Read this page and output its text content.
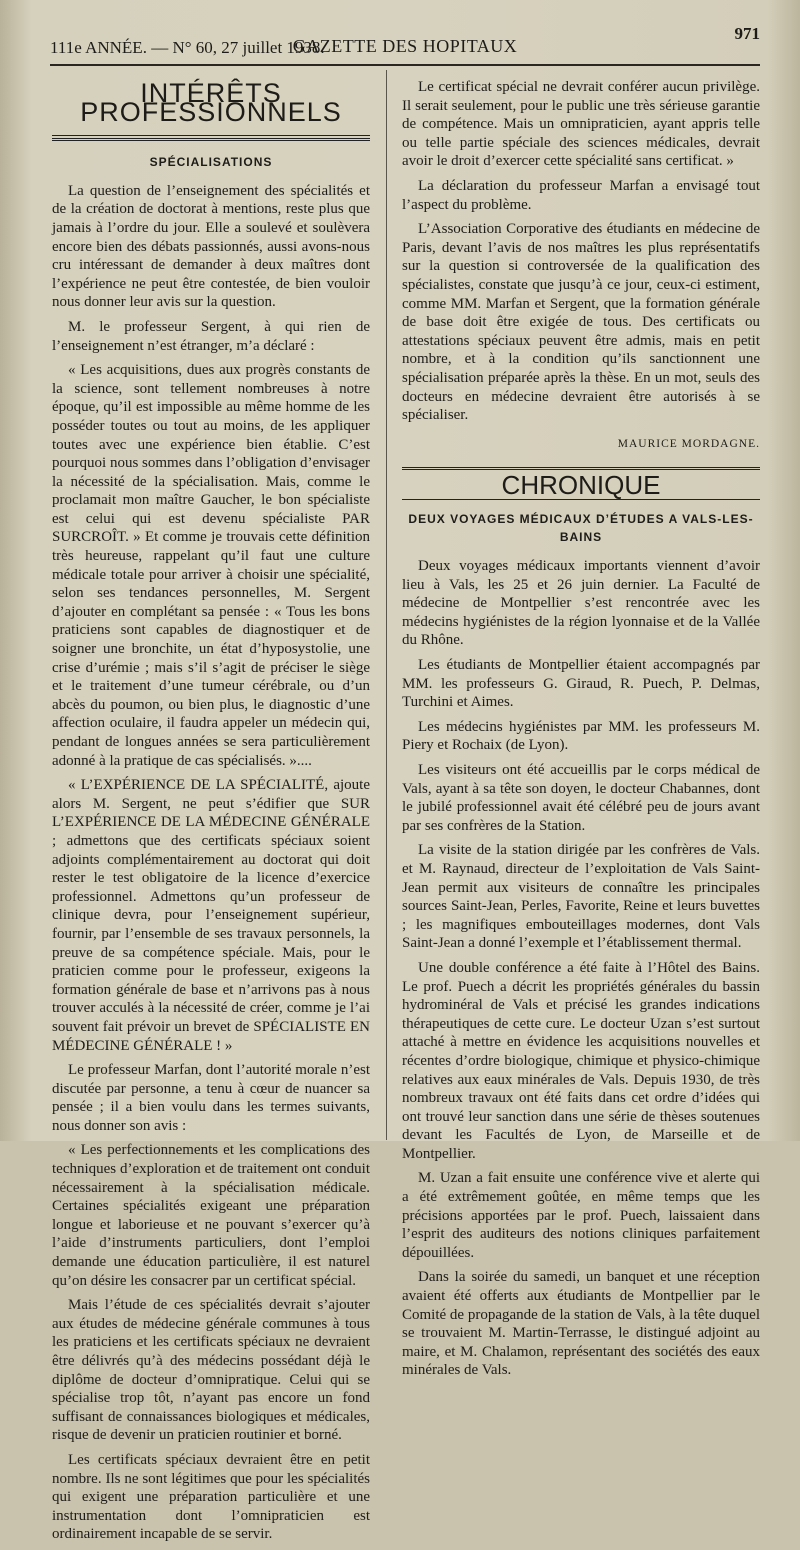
111e ANNÉE. — N° 60, 27 juillet 1938.
GAZETTE DES HOPITAUX
971
INTÉRÊTS PROFESSIONNELS
SPÉCIALISATIONS

La question de l’enseignement des spécialités et de la création de doctorat à mentions, reste plus que jamais à l’ordre du jour. Elle a soulevé et soulèvera encore bien des débats passionnés, aussi avons-nous cru intéressant de demander à deux maîtres dont l’expérience ne peut être contestée, de bien vouloir nous donner leur avis sur la question.

M. le professeur Sergent, à qui rien de l’enseignement n’est étranger, m’a déclaré :

« Les acquisitions, dues aux progrès constants de la science, sont tellement nombreuses à notre époque, qu’il est impossible au même homme de les posséder toutes ou tout au moins, de les appliquer toutes avec une expérience bien établie. C’est pourquoi nous sommes dans l’obligation d’envisager la nécessité de la spécialisation. Mais, comme le proclamait mon maître Gaucher, le bon spécialiste est celui qui est devenu spécialiste PAR SURCROÎT. » Et comme je trouvais cette définition très heureuse, rappelant qu’il faut une culture médicale totale pour arriver à choisir une spécialité, selon ses tendances personnelles, M. Sergent d’ajouter en complétant sa pensée : « Tous les bons praticiens sont capables de diagnostiquer et de soigner une bronchite, un état d’hyposystolie, une crise d’urémie ; mais s’il s’agit de préciser le siège et le traitement d’une tumeur cérébrale, ou d’un abcès du poumon, ou bien plus, le diagnostic d’une affection oculaire, il faudra appeler un médecin qui, pendant de longues années se sera particulièrement adonné à la pratique de cas spécialisés. »....

« L’EXPÉRIENCE DE LA SPÉCIALITÉ, ajoute alors M. Sergent, ne peut s’édifier que SUR L’EXPÉRIENCE DE LA MÉDECINE GÉNÉRALE ; admettons que des certificats spéciaux soient adjoints complémentairement au doctorat qui doit rester le test obligatoire de la licence d’exercice professionnel. Admettons qu’un professeur de clinique devra, pour l’enseignement supérieur, fournir, par l’ensemble de ses travaux personnels, la preuve de sa compétence spéciale. Mais, pour le praticien comme pour le professeur, exigeons la formation générale de base et n’arrivons pas à nous trouver acculés à la nécessité de créer, comme je l’ai souvent fait prévoir un brevet de SPÉCIALISTE EN MÉDECINE GÉNÉRALE ! »

Le professeur Marfan, dont l’autorité morale n’est discutée par personne, a tenu à cœur de nuancer sa pensée ; il a bien voulu dans les termes suivants, nous donner son avis :

« Les perfectionnements et les complications des techniques d’exploration et de traitement ont conduit nécessairement à la spécialisation médicale. Certaines spécialités exigeant une préparation longue et laborieuse et ne pouvant s’exercer qu’à l’aide d’instruments particuliers, dont l’emploi demande une éducation particulière, il est naturel qu’on désire les consacrer par un certificat spécial.

Mais l’étude de ces spécialités devrait s’ajouter aux études de médecine générale communes à tous les praticiens et les certificats spéciaux ne devraient être délivrés qu’à des médecins possédant déjà le diplôme de docteur d’omnipratique. Celui qui se spécialise trop tôt, n’ayant pas encore un fond suffisant de connaissances biologiques et médicales, risque de devenir un praticien routinier et borné.

Les certificats spéciaux devraient être en petit nombre. Ils ne sont légitimes que pour les spécialités qui exigent une préparation particulière et une instrumentation dont l’omnipraticien est ordinairement incapable de se servir.

Le certificat spécial ne devrait conférer aucun privilège. Il serait seulement, pour le public une très sérieuse garantie de compétence. Mais un omnipraticien, ayant appris telle ou telle partie spéciale des sciences médicales, devrait avoir le droit d’exercer cette spécialité sans certificat. »

La déclaration du professeur Marfan a envisagé tout l’aspect du problème.

L’Association Corporative des étudiants en médecine de Paris, devant l’avis de nos maîtres les plus représentatifs sur la question si controversée de la qualification des spécialistes, constate que jusqu’à ce jour, ceux-ci estiment, comme MM. Marfan et Sergent, que la formation générale de base doit être exigée de tous. Des certificats ou attestations spéciaux peuvent être admis, mais en petit nombre, et à la condition qu’ils sanctionnent une spécialisation préparée après la thèse. En un mot, seuls des docteurs en médecine devraient être autorisés à se spécialiser.

MAURICE MORDAGNE.

CHRONIQUE
DEUX VOYAGES MÉDICAUX D’ÉTUDES A VALS-LES-BAINS

Deux voyages médicaux importants viennent d’avoir lieu à Vals, les 25 et 26 juin dernier. La Faculté de médecine de Montpellier s’est rencontrée avec les médecins hygiénistes de la région lyonnaise et de la Vallée du Rhône.

Les étudiants de Montpellier étaient accompagnés par MM. les professeurs G. Giraud, R. Puech, P. Delmas, Turchini et Aimes.

Les médecins hygiénistes par MM. les professeurs M. Piery et Rochaix (de Lyon).

Les visiteurs ont été accueillis par le corps médical de Vals, ayant à sa tête son doyen, le docteur Chabannes, dont le jubilé professionnel avait été célébré peu de jours avant par ses confrères de la Station.

La visite de la station dirigée par les confrères de Vals. et M. Raynaud, directeur de l’exploitation de Vals Saint-Jean permit aux visiteurs de connaître les principales sources Saint-Jean, Perles, Favorite, Reine et leurs buvettes ; les magnifiques embouteillages modernes, dont Vals Saint-Jean a donné l’exemple et l’établissement thermal.

Une double conférence a été faite à l’Hôtel des Bains. Le prof. Puech a décrit les propriétés générales du bassin hydrominéral de Vals et précisé les grandes indications thérapeutiques de cette cure. Le docteur Uzan s’est surtout attaché à mettre en évidence les acquisitions nouvelles et récentes d’ordre biologique, chimique et physico-chimique relatives aux eaux minérales de Vals. Depuis 1930, de très nombreux travaux ont été faits dans cet ordre d’idées qui ont trouvé leur sanction dans une série de thèses soutenues devant les Facultés de Lyon, de Marseille et de Montpellier.

M. Uzan a fait ensuite une conférence vive et alerte qui a été extrêmement goûtée, en même temps que les précisions apportées par le prof. Puech, laissaient dans l’esprit des auditeurs des notions cliniques parfaitement dépouillées.

Dans la soirée du samedi, un banquet et une réception avaient été offerts aux étudiants de Montpellier par le Comité de propagande de la station de Vals, à la tête duquel se trouvaient M. Martin-Terrasse, le distingué adjoint au maire, et M. Chalamon, représentant des sociétés des eaux minérales de Vals.
